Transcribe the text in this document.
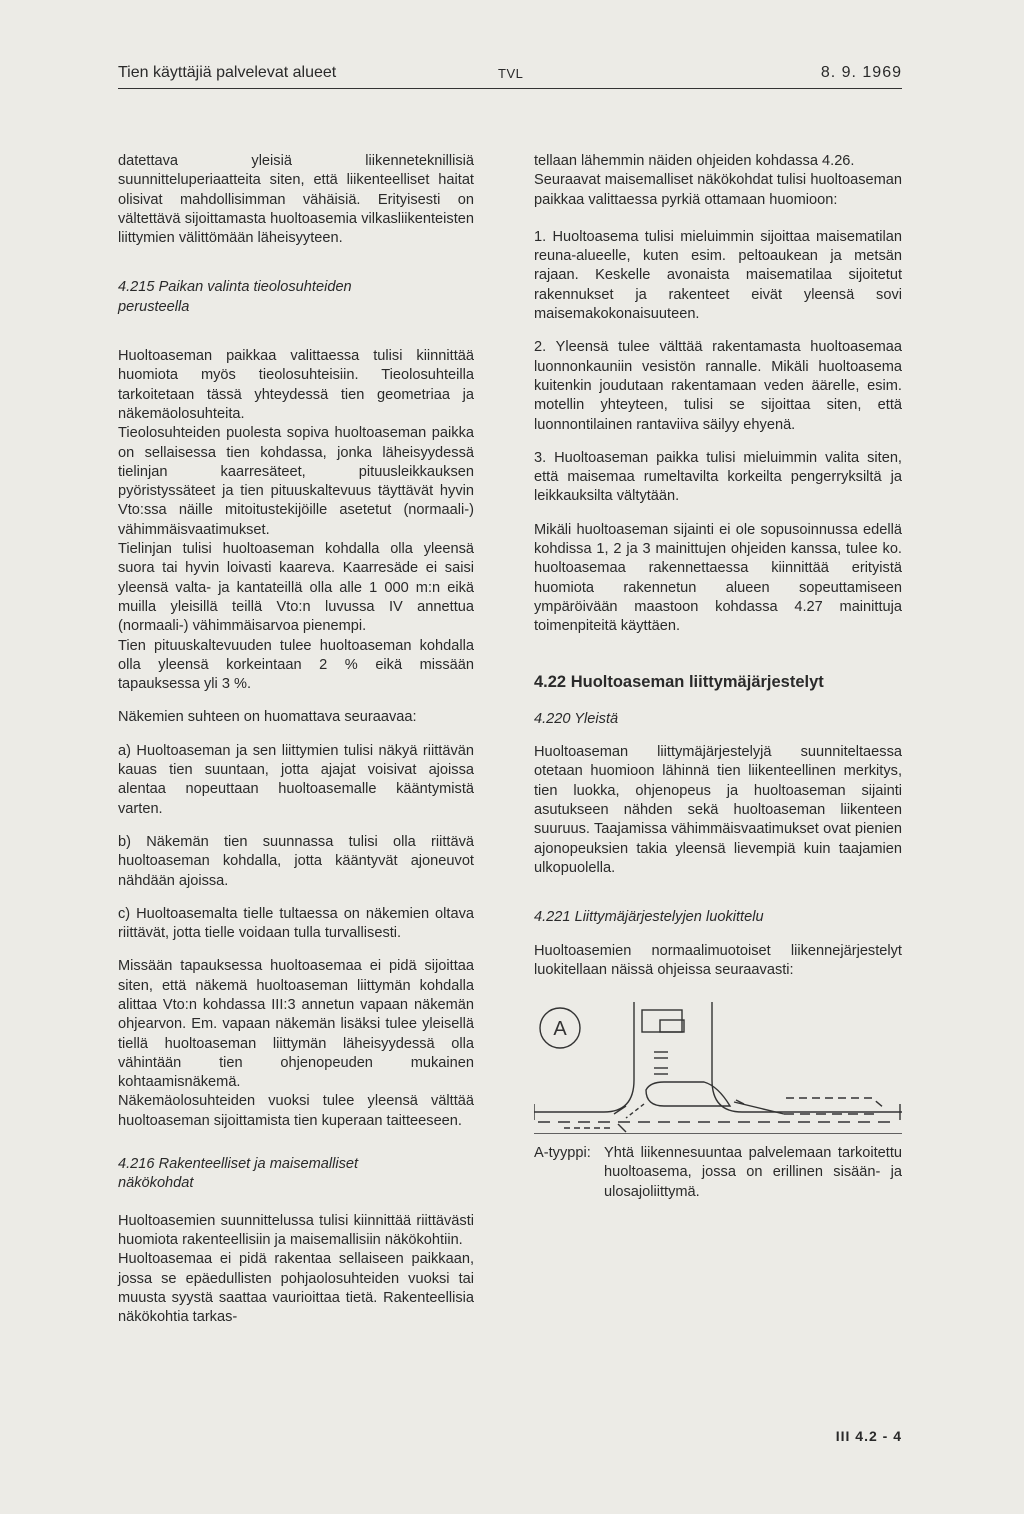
Tien käyttäjiä palvelevat alueet	TVL	8. 9. 1969

datettava yleisiä liikenneteknillisiä suunnitteluperiaatteita siten, että liikenteelliset haitat olisivat mahdollisimman vähäisiä. Erityisesti on vältettävä sijoittamasta huoltoasemia vilkasliikenteisten liittymien välittömään läheisyyteen.

4.215 Paikan valinta tieolosuhteiden perusteella

Huoltoaseman paikkaa valittaessa tulisi kiinnittää huomiota myös tieolosuhteisiin. Tieolosuhteilla tarkoitetaan tässä yhteydessä tien geometriaa ja näkemäolosuhteita.

Tieolosuhteiden puolesta sopiva huoltoaseman paikka on sellaisessa tien kohdassa, jonka läheisyydessä tielinjan kaarresäteet, pituusleikkauksen pyöristyssäteet ja tien pituuskaltevuus täyttävät hyvin Vto:ssa näille mitoitustekijöille asetetut (normaali-) vähimmäisvaatimukset.

Tielinjan tulisi huoltoaseman kohdalla olla yleensä suora tai hyvin loivasti kaareva. Kaarresäde ei saisi yleensä valta- ja kantateillä olla alle 1 000 m:n eikä muilla yleisillä teillä Vto:n luvussa IV annettua (normaali-) vähimmäisarvoa pienempi.

Tien pituuskaltevuuden tulee huoltoaseman kohdalla olla yleensä korkeintaan 2 % eikä missään tapauksessa yli 3 %.

Näkemien suhteen on huomattava seuraavaa:

a) Huoltoaseman ja sen liittymien tulisi näkyä riittävän kauas tien suuntaan, jotta ajajat voisivat ajoissa alentaa nopeuttaan huoltoasemalle kääntymistä varten.

b) Näkemän tien suunnassa tulisi olla riittävä huoltoaseman kohdalla, jotta kääntyvät ajoneuvot nähdään ajoissa.

c) Huoltoasemalta tielle tultaessa on näkemien oltava riittävät, jotta tielle voidaan tulla turvallisesti.

Missään tapauksessa huoltoasemaa ei pidä sijoittaa siten, että näkemä huoltoaseman liittymän kohdalla alittaa Vto:n kohdassa III:3 annetun vapaan näkemän ohjearvon. Em. vapaan näkemän lisäksi tulee yleisellä tiellä huoltoaseman liittymän läheisyydessä olla vähintään tien ohjenopeuden mukainen kohtaamisnäkemä.

Näkemäolosuhteiden vuoksi tulee yleensä välttää huoltoaseman sijoittamista tien kuperaan taitteeseen.

4.216 Rakenteelliset ja maisemalliset näkökohdat

Huoltoasemien suunnittelussa tulisi kiinnittää riittävästi huomiota rakenteellisiin ja maisemallisiin näkökohtiin.

Huoltoasemaa ei pidä rakentaa sellaiseen paikkaan, jossa se epäedullisten pohjaolosuhteiden vuoksi tai muusta syystä saattaa vaurioittaa tietä. Rakenteellisia näkökohtia tarkas-

tellaan lähemmin näiden ohjeiden kohdassa 4.26.

Seuraavat maisemalliset näkökohdat tulisi huoltoaseman paikkaa valittaessa pyrkiä ottamaan huomioon:

1. Huoltoasema tulisi mieluimmin sijoittaa maisematilan reuna-alueelle, kuten esim. peltoaukean ja metsän rajaan. Keskelle avonaista maisematilaa sijoitetut rakennukset ja rakenteet eivät yleensä sovi maisemakokonaisuuteen.

2. Yleensä tulee välttää rakentamasta huoltoasemaa luonnonkauniin vesistön rannalle. Mikäli huoltoasema kuitenkin joudutaan rakentamaan veden äärelle, esim. motellin yhteyteen, tulisi se sijoittaa siten, että luonnontilainen rantaviiva säilyy ehyenä.

3. Huoltoaseman paikka tulisi mieluimmin valita siten, että maisemaa rumeltavilta korkeilta pengerryksiltä ja leikkauksilta vältytään.

Mikäli huoltoaseman sijainti ei ole sopusoinnussa edellä kohdissa 1, 2 ja 3 mainittujen ohjeiden kanssa, tulee ko. huoltoasemaa rakennettaessa kiinnittää erityistä huomiota rakennetun alueen sopeuttamiseen ympäröivään maastoon kohdassa 4.27 mainittuja toimenpiteitä käyttäen.

4.22 Huoltoaseman liittymäjärjestelyt

4.220 Yleistä

Huoltoaseman liittymäjärjestelyjä suunniteltaessa otetaan huomioon lähinnä tien liikenteellinen merkitys, tien luokka, ohjenopeus ja huoltoaseman sijainti asutukseen nähden sekä huoltoaseman liikenteen suuruus. Taajamissa vähimmäisvaatimukset ovat pienien ajonopeuksien takia yleensä lievempiä kuin taajamien ulkopuolella.

4.221 Liittymäjärjestelyjen luokittelu

Huoltoasemien normaalimuotoiset liikennejärjestelyt luokitellaan näissä ohjeissa seuraavasti:

A
A-tyyppi: Yhtä liikennesuuntaa palvelemaan tarkoitettu huoltoasema, jossa on erillinen sisään- ja ulosajoliittymä.
III 4.2 - 4
